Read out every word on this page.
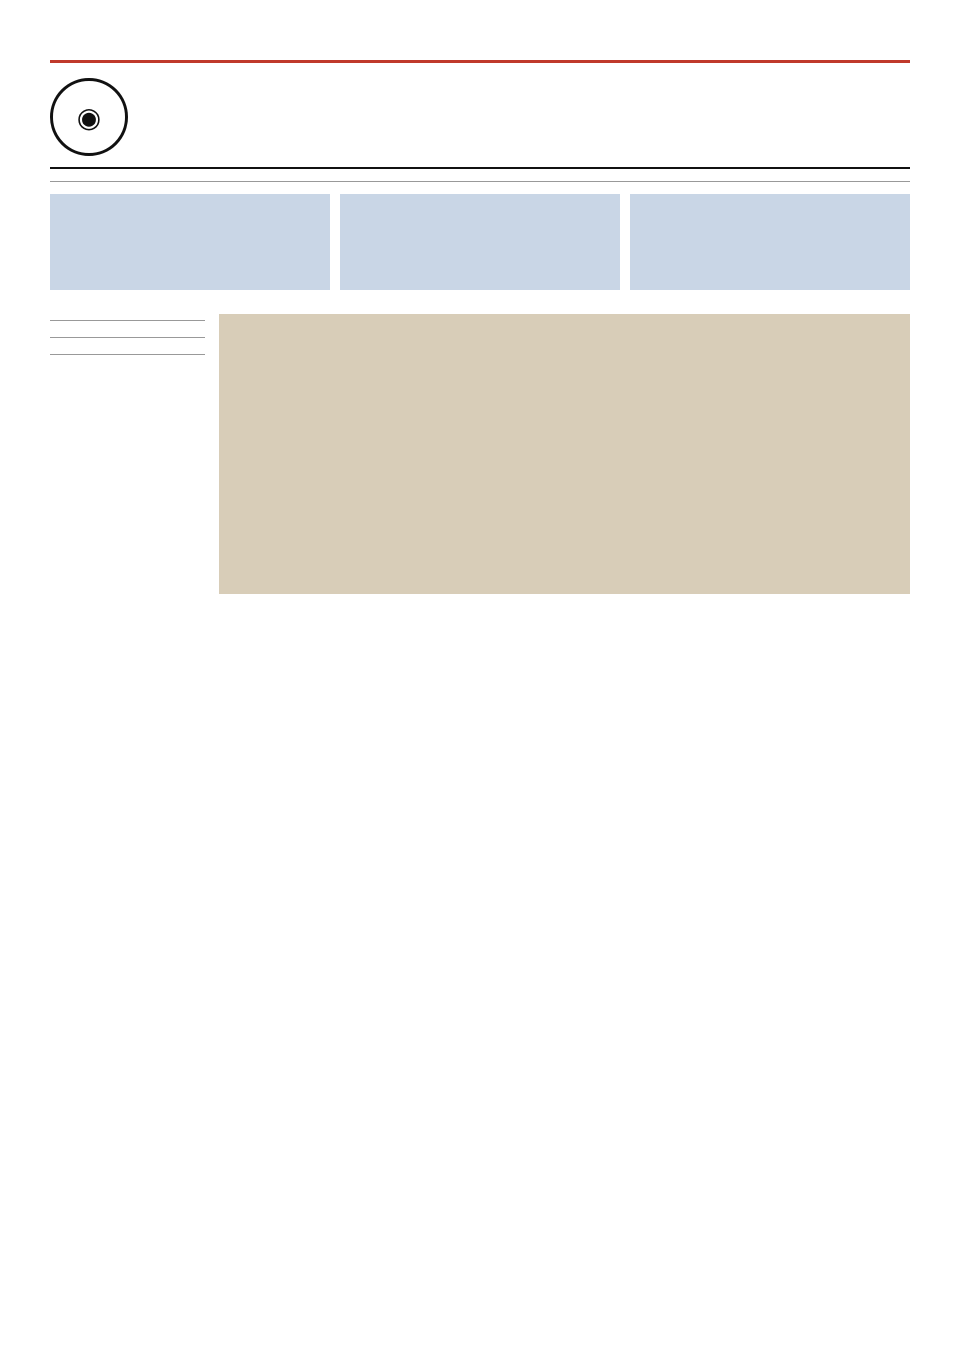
◉
